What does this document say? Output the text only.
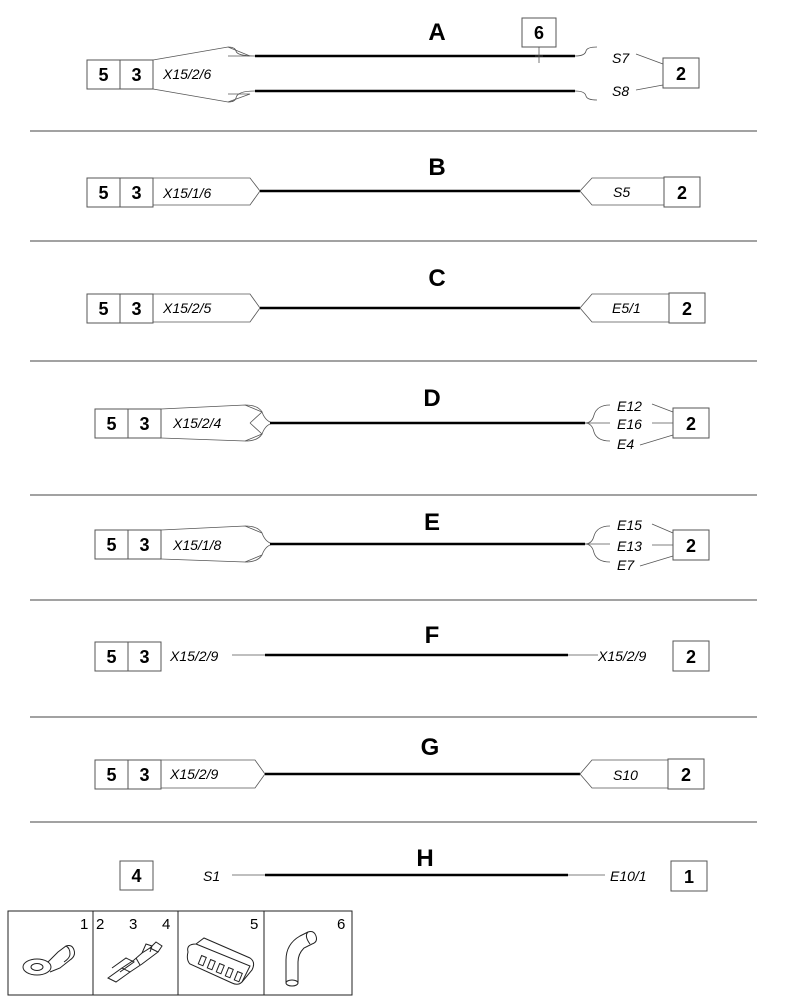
A
5 3 X15/2/6
6
S7
S8
2
B
5 3 X15/1/6	S5	2
C
5 3 X15/2/5	E5/1 2
D
5 3 X15/2/4
E12
E16
E4
2
E
5 3 X15/1/8
E15
E13
E7
2
F
5 3 X15/2/9	X15/2/9 2
G
5 3 X15/2/9	S10 2
H
4	S1	E10/1 1
1 2 3 4	5	6
